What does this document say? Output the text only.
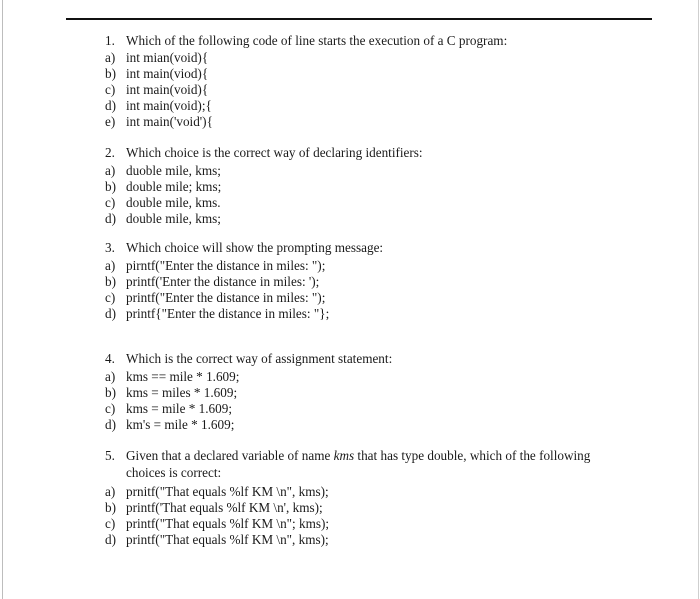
1. Which of the following code of line starts the execution of a C program:
a) int mian(void){
b) int main(viod){
c) int main(void){
d) int main(void);{
e) int main('void'){
2. Which choice is the correct way of declaring identifiers:
a) duoble mile, kms;
b) double mile; kms;
c) double mile, kms.
d) double mile, kms;
3. Which choice will show the prompting message:
a) pirntf("Enter the distance in miles: ");
b) printf('Enter the distance in miles: ');
c) printf("Enter the distance in miles: ");
d) printf{"Enter the distance in miles: "};
4. Which is the correct way of assignment statement:
a) kms == mile * 1.609;
b) kms = miles * 1.609;
c) kms = mile * 1.609;
d) km's = mile * 1.609;
5. Given that a declared variable of name kms that has type double, which of the following
choices is correct:
a) prnitf("That equals %lf KM \n", kms);
b) printf('That equals %lf KM \n', kms);
c) printf("That equals %lf KM \n"; kms);
d) printf("That equals %lf KM \n", kms);
